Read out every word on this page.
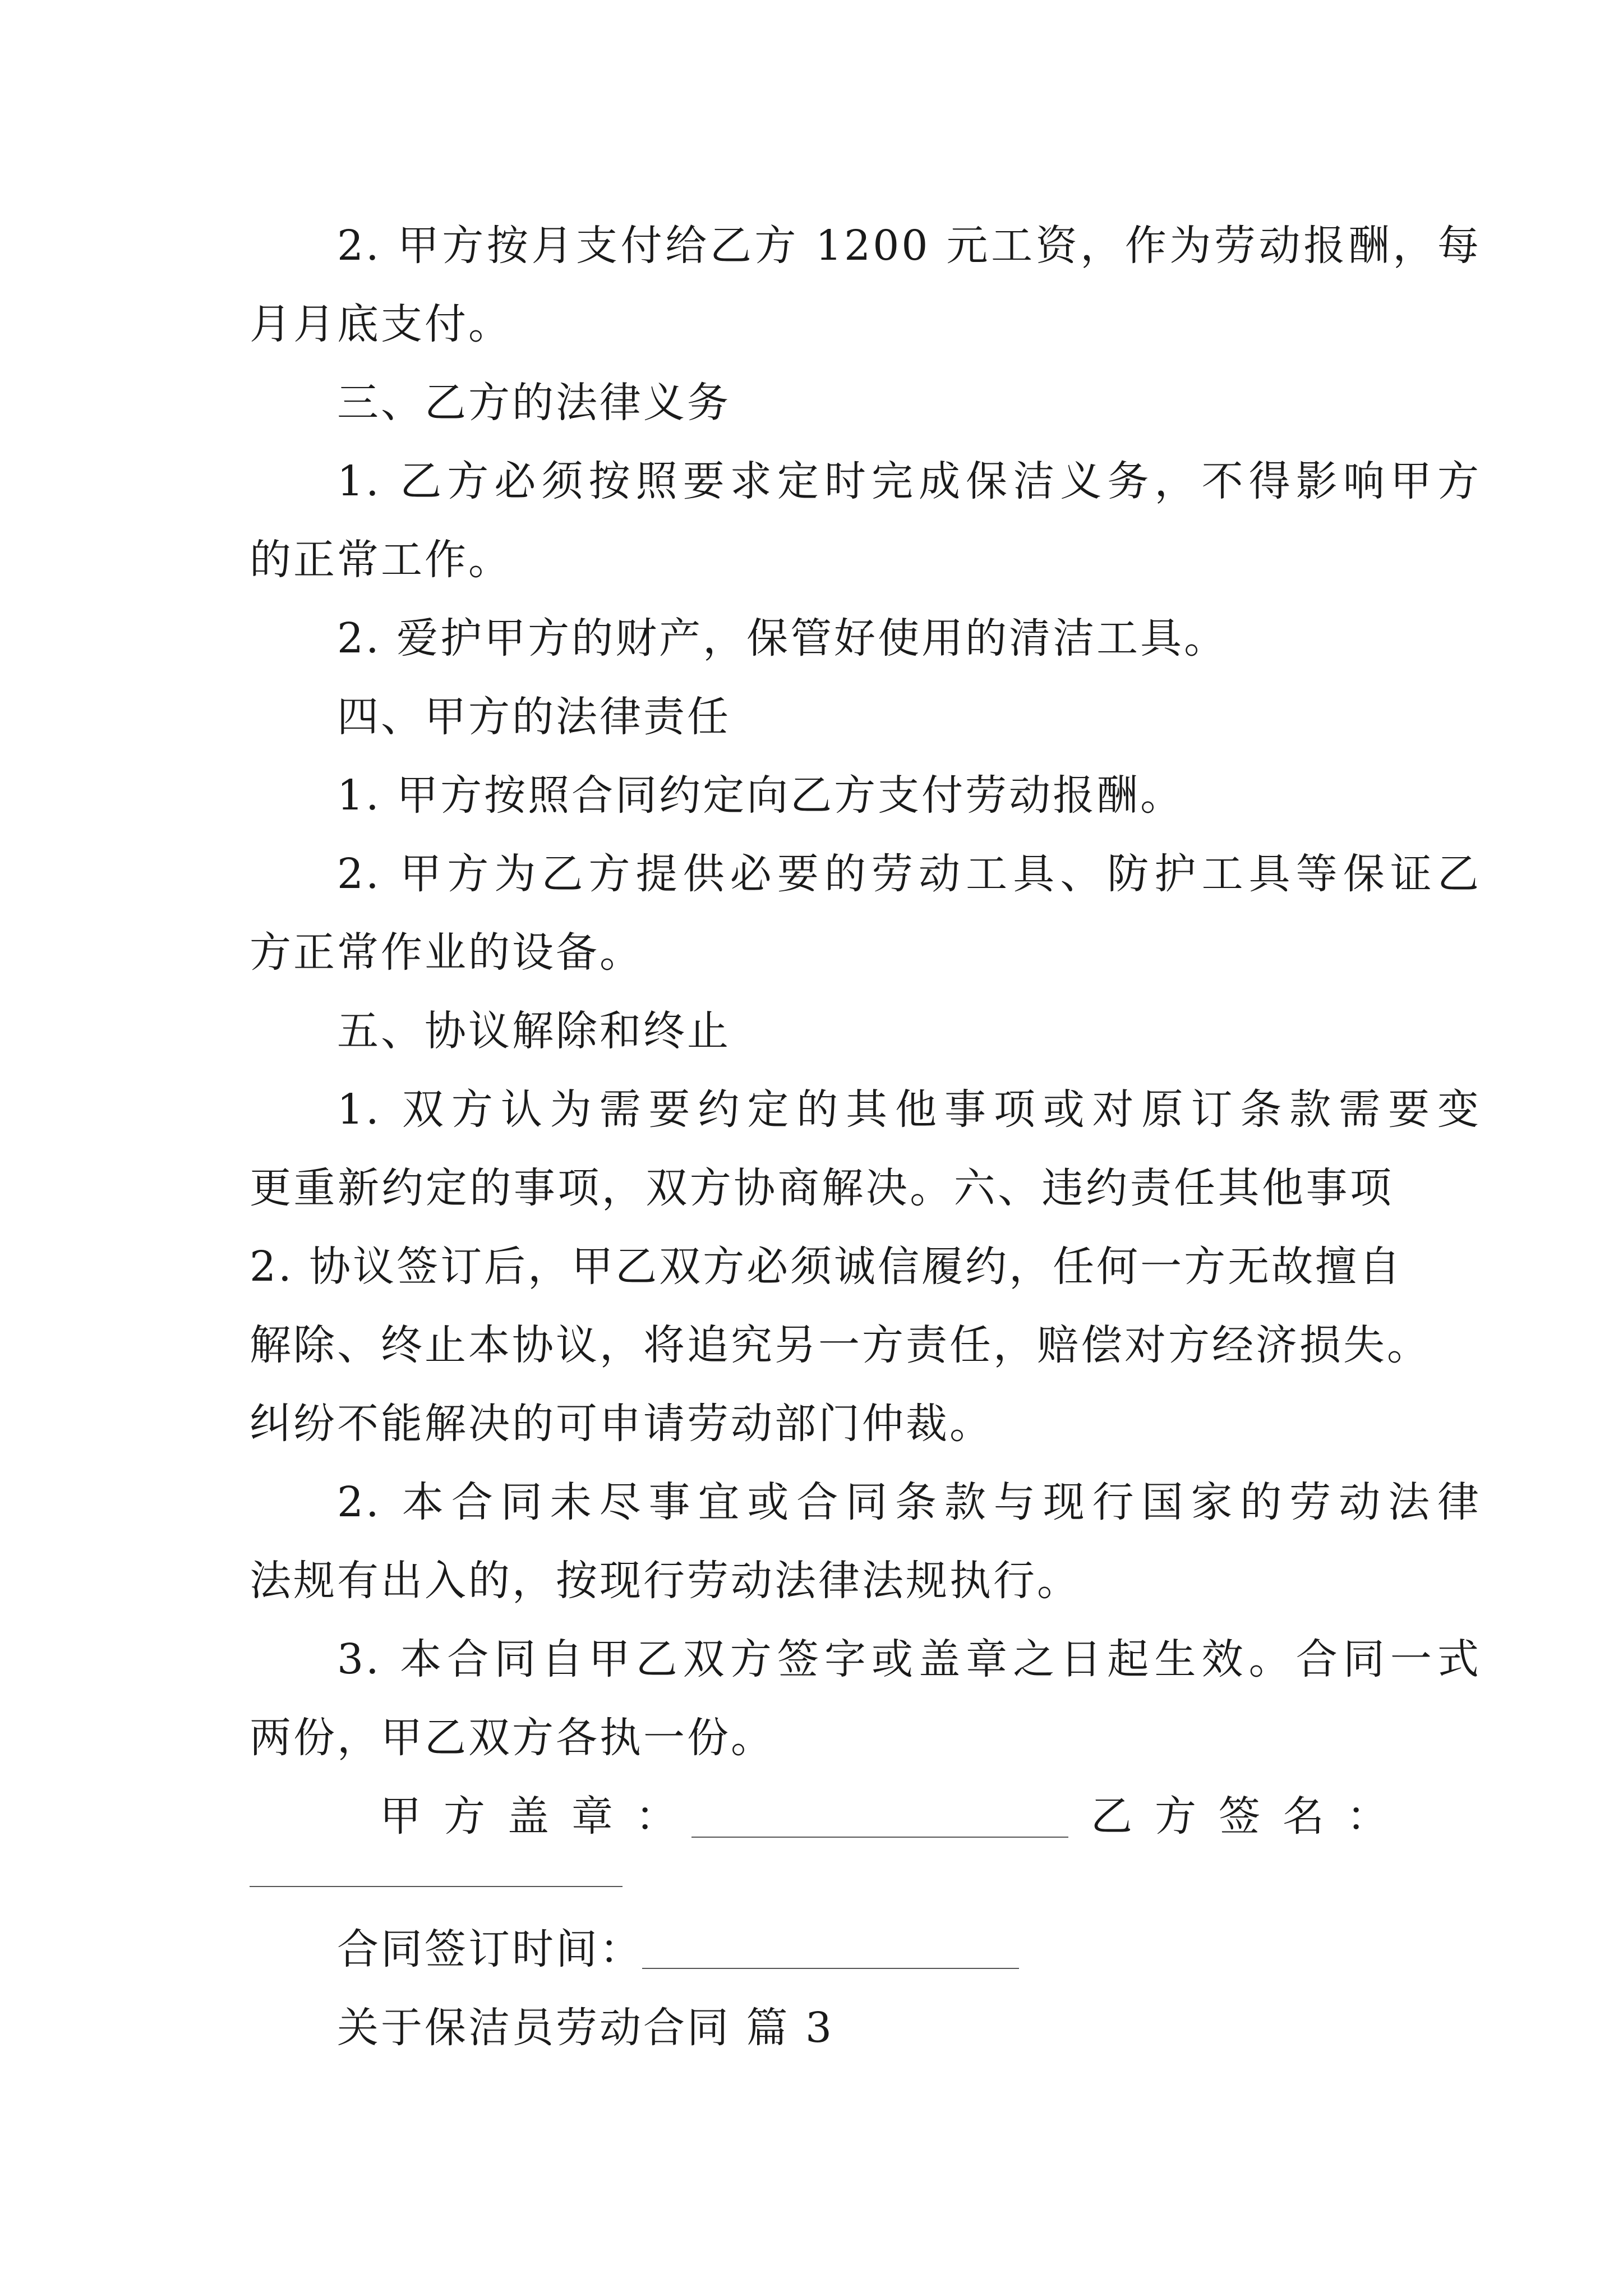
2. 甲方按月支付给乙方 1200 元工资，作为劳动报酬，每
月月底支付。
三、乙方的法律义务
1. 乙方必须按照要求定时完成保洁义务，不得影响甲方
的正常工作。
2. 爱护甲方的财产，保管好使用的清洁工具。
四、甲方的法律责任
1. 甲方按照合同约定向乙方支付劳动报酬。
2. 甲方为乙方提供必要的劳动工具、防护工具等保证乙
方正常作业的设备。
五、协议解除和终止
1. 双方认为需要约定的其他事项或对原订条款需要变
更重新约定的事项，双方协商解决。六、违约责任其他事项
2. 协议签订后，甲乙双方必须诚信履约，任何一方无故擅自
解除、终止本协议，将追究另一方责任，赔偿对方经济损失。
纠纷不能解决的可申请劳动部门仲裁。
2. 本合同未尽事宜或合同条款与现行国家的劳动法律
法规有出入的，按现行劳动法律法规执行。
3. 本合同自甲乙双方签字或盖章之日起生效。合同一式
两份，甲乙双方各执一份。
甲方盖章：	乙方签名：
合同签订时间：
关于保洁员劳动合同 篇 3
